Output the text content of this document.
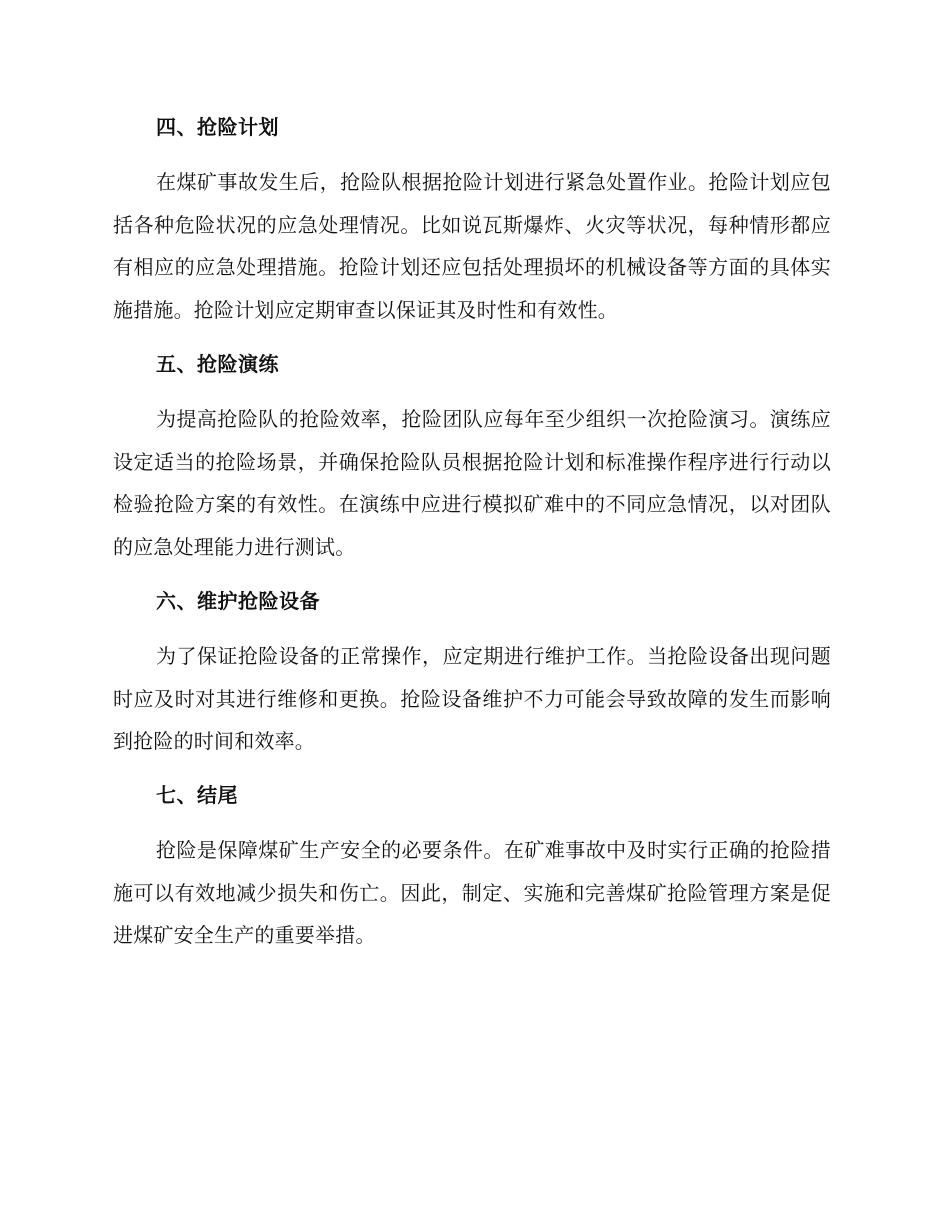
四、抢险计划

在煤矿事故发生后，抢险队根据抢险计划进行紧急处置作业。抢险计划应包括各种危险状况的应急处理情况。比如说瓦斯爆炸、火灾等状况，每种情形都应有相应的应急处理措施。抢险计划还应包括处理损坏的机械设备等方面的具体实施措施。抢险计划应定期审查以保证其及时性和有效性。

五、抢险演练

为提高抢险队的抢险效率，抢险团队应每年至少组织一次抢险演习。演练应设定适当的抢险场景，并确保抢险队员根据抢险计划和标准操作程序进行行动以检验抢险方案的有效性。在演练中应进行模拟矿难中的不同应急情况，以对团队的应急处理能力进行测试。

六、维护抢险设备

为了保证抢险设备的正常操作，应定期进行维护工作。当抢险设备出现问题时应及时对其进行维修和更换。抢险设备维护不力可能会导致故障的发生而影响到抢险的时间和效率。

七、结尾

抢险是保障煤矿生产安全的必要条件。在矿难事故中及时实行正确的抢险措施可以有效地减少损失和伤亡。因此，制定、实施和完善煤矿抢险管理方案是促进煤矿安全生产的重要举措。
